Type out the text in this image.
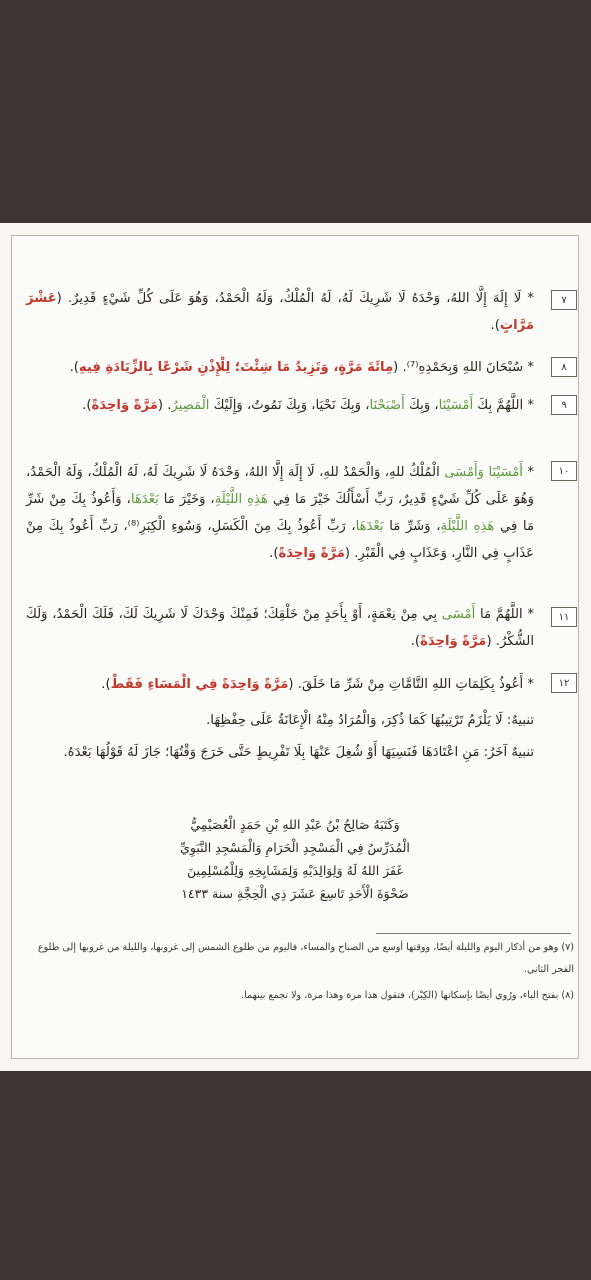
٧
* لَا إِلَهَ إِلَّا اللهُ، وَحْدَهُ لَا شَرِيكَ لَهُ، لَهُ الْمُلْكُ، وَلَهُ الْحَمْدُ، وَهُوَ عَلَى كُلِّ شَيْءٍ قَدِيرٌ. (عَشْرَ مَرَّاتٍ).
٨
* سُبْحَانَ اللهِ وَبِحَمْدِهِ⁽⁷⁾. (مِائَةَ مَرَّةٍ، وَتَزِيدُ مَا شِئْتَ؛ لِلْإِذْنِ شَرْعًا بِالزِّيَادَةِ فِيهِ).
٩
* اللَّهُمَّ بِكَ أَمْسَيْنَا، وَبِكَ أَصْبَحْنَا، وَبِكَ نَحْيَا، وَبِكَ نَمُوتُ، وَإِلَيْكَ الْمَصِيرُ. (مَرَّةً وَاحِدَةً).
١٠
* أَمْسَيْنَا وَأَمْسَى الْمُلْكُ للهِ، وَالْحَمْدُ للهِ، لَا إِلَهَ إِلَّا اللهُ، وَحْدَهُ لَا شَرِيكَ لَهُ، لَهُ الْمُلْكُ، وَلَهُ الْحَمْدُ، وَهُوَ عَلَى كُلِّ شَيْءٍ قَدِيرٌ، رَبِّ أَسْأَلُكَ خَيْرَ مَا فِي هَذِهِ اللَّيْلَةِ، وَخَيْرَ مَا بَعْدَهَا، وَأَعُوذُ بِكَ مِنْ شَرِّ مَا فِي هَذِهِ اللَّيْلَةِ، وَشَرِّ مَا بَعْدَهَا، رَبِّ أَعُوذُ بِكَ مِنَ الْكَسَلِ، وَسُوءِ الْكِبَرِ⁽⁸⁾، رَبِّ أَعُوذُ بِكَ مِنْ عَذَابٍ فِي النَّارِ، وَعَذَابٍ فِي الْقَبْرِ. (مَرَّةً وَاحِدَةً).
١١
* اللَّهُمَّ مَا أَمْسَى بِي مِنْ نِعْمَةٍ، أَوْ بِأَحَدٍ مِنْ خَلْقِكَ؛ فَمِنْكَ وَحْدَكَ لَا شَرِيكَ لَكَ، فَلَكَ الْحَمْدُ، وَلَكَ الشُّكْرُ. (مَرَّةً وَاحِدَةً).
١٢
* أَعُوذُ بِكَلِمَاتِ اللهِ التَّامَّاتِ مِنْ شَرِّ مَا خَلَقَ. (مَرَّةً وَاحِدَةً فِي الْمَسَاءِ فَقَطْ).
تنبيهٌ: لَا يَلْزَمُ تَرْتِيبُهَا كَمَا ذُكِرَ، وَالْمُرَادُ مِنْهُ الْإِعَانَةُ عَلَى حِفْظِهَا.
تنبيهٌ آخَرُ: مَنِ اعْتَادَهَا فَنَسِيَهَا أَوْ شُغِلَ عَنْهَا بِلَا تَفْرِيطٍ حَتَّى خَرَجَ وَقْتُهَا؛ جَازَ لَهُ قَوْلُهَا بَعْدَهُ.
وَكَتَبَهُ صَالِحُ بْنُ عَبْدِ اللهِ بْنِ حَمَدٍ الْعُصَيْمِيُّ
الْمُدَرِّسُ فِي الْمَسْجِدِ الْحَرَامِ وَالْمَسْجِدِ النَّبَوِيِّ
غَفَرَ اللهُ لَهُ وَلِوَالِدَيْهِ وَلِمَشَايِخِهِ وَلِلْمُسْلِمِينَ
ضَحْوَةَ الْأَحَدِ تَاسِعَ عَشَرَ ذِي الْحِجَّةِ سنة ١٤٣٣
(٧) وهو من أذكار اليوم والليلة أيضًا، ووقتها أوسع من الصباح والمساء، فاليوم من طلوع الشمس إلى غروبها، والليلة من غروبها إلى طلوع الفجر الثاني.
(٨) بفتح الباء، ورُوي أيضًا بإسكانها (الكِبْر)، فتقول هذا مرة وهذا مرة، ولا تجمع بينهما.
